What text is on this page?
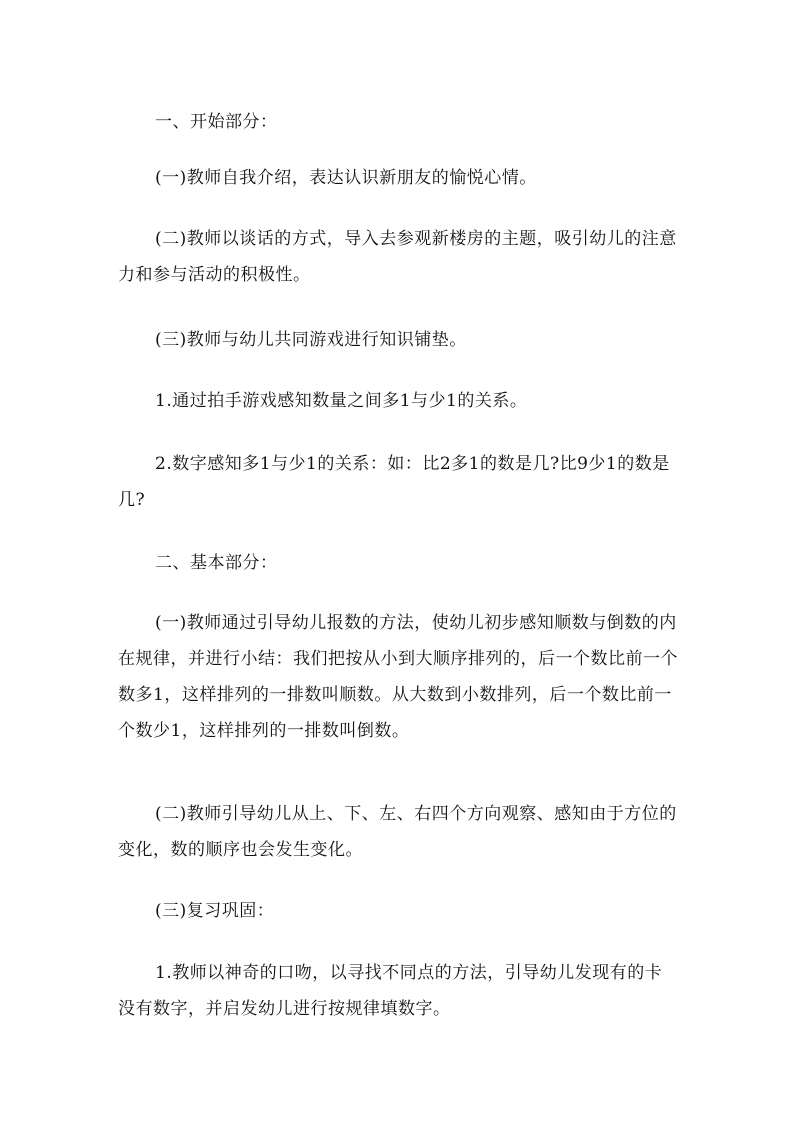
一、开始部分：

(一)教师自我介绍，表达认识新朋友的愉悦心情。

(二)教师以谈话的方式，导入去参观新楼房的主题，吸引幼儿的注意力和参与活动的积极性。

(三)教师与幼儿共同游戏进行知识铺垫。

1.通过拍手游戏感知数量之间多1与少1的关系。

2.数字感知多1与少1的关系：如：比2多1的数是几?比9少1的数是几?

二、基本部分：

(一)教师通过引导幼儿报数的方法，使幼儿初步感知顺数与倒数的内在规律，并进行小结：我们把按从小到大顺序排列的，后一个数比前一个数多1，这样排列的一排数叫顺数。从大数到小数排列，后一个数比前一个数少1，这样排列的一排数叫倒数。

(二)教师引导幼儿从上、下、左、右四个方向观察、感知由于方位的变化，数的顺序也会发生变化。

(三)复习巩固：

1.教师以神奇的口吻，以寻找不同点的方法，引导幼儿发现有的卡没有数字，并启发幼儿进行按规律填数字。
